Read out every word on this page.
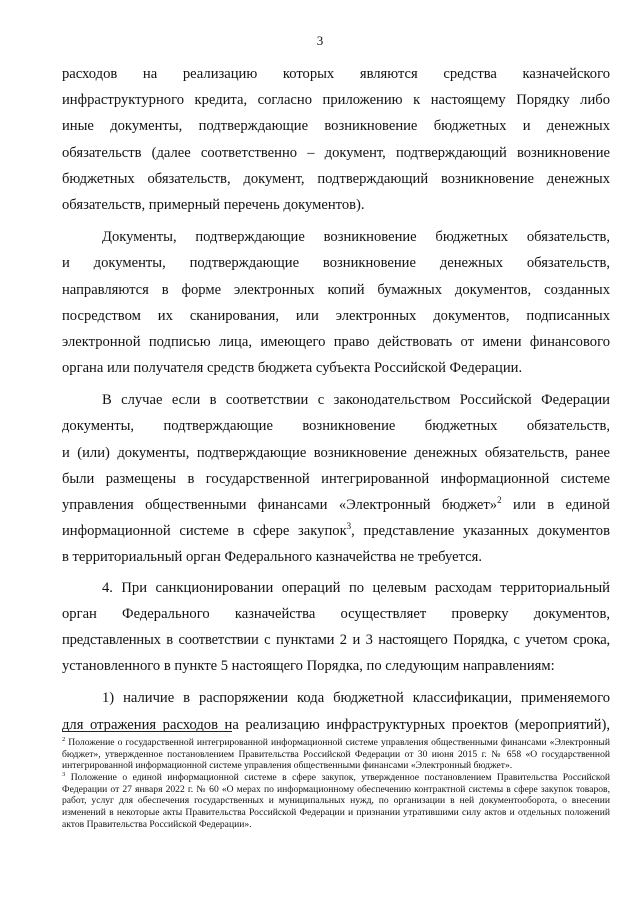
3
расходов на реализацию которых являются средства казначейского
инфраструктурного кредита, согласно приложению к настоящему Порядку либо
иные документы, подтверждающие возникновение бюджетных и денежных
обязательств (далее соответственно – документ, подтверждающий возникновение
бюджетных обязательств, документ, подтверждающий возникновение денежных
обязательств, примерный перечень документов).
Документы, подтверждающие возникновение бюджетных обязательств,
и документы, подтверждающие возникновение денежных обязательств,
направляются в форме электронных копий бумажных документов, созданных
посредством их сканирования, или электронных документов, подписанных
электронной подписью лица, имеющего право действовать от имени финансового
органа или получателя средств бюджета субъекта Российской Федерации.
В случае если в соответствии с законодательством Российской Федерации
документы, подтверждающие возникновение бюджетных обязательств,
и (или) документы, подтверждающие возникновение денежных обязательств, ранее
были размещены в государственной интегрированной информационной системе
управления общественными финансами «Электронный бюджет»$^2$ или в единой
информационной системе в сфере закупок$^3$, представление указанных документов
в территориальный орган Федерального казначейства не требуется.
4. При санкционировании операций по целевым расходам территориальный
орган Федерального казначейства осуществляет проверку документов,
представленных в соответствии с пунктами 2 и 3 настоящего Порядка, с учетом срока,
установленного в пункте 5 настоящего Порядка, по следующим направлениям:
1) наличие в распоряжении кода бюджетной классификации, применяемого
для отражения расходов на реализацию инфраструктурных проектов (мероприятий),
$^2$ Положение о государственной интегрированной информационной системе управления общественными финансами «Электронный
бюджет», утвержденное постановлением Правительства Российской Федерации от 30 июня 2015 г. № 658 «О государственной
интегрированной информационной системе управления общественными финансами «Электронный бюджет».
$^3$ Положение о единой информационной системе в сфере закупок, утвержденное постановлением Правительства Российской
Федерации от 27 января 2022 г. № 60 «О мерах по информационному обеспечению контрактной системы в сфере закупок товаров,
работ, услуг для обеспечения государственных и муниципальных нужд, по организации в ней документооборота, о внесении
изменений в некоторые акты Правительства Российской Федерации и признании утратившими силу актов и отдельных положений
актов Правительства Российской Федерации».
